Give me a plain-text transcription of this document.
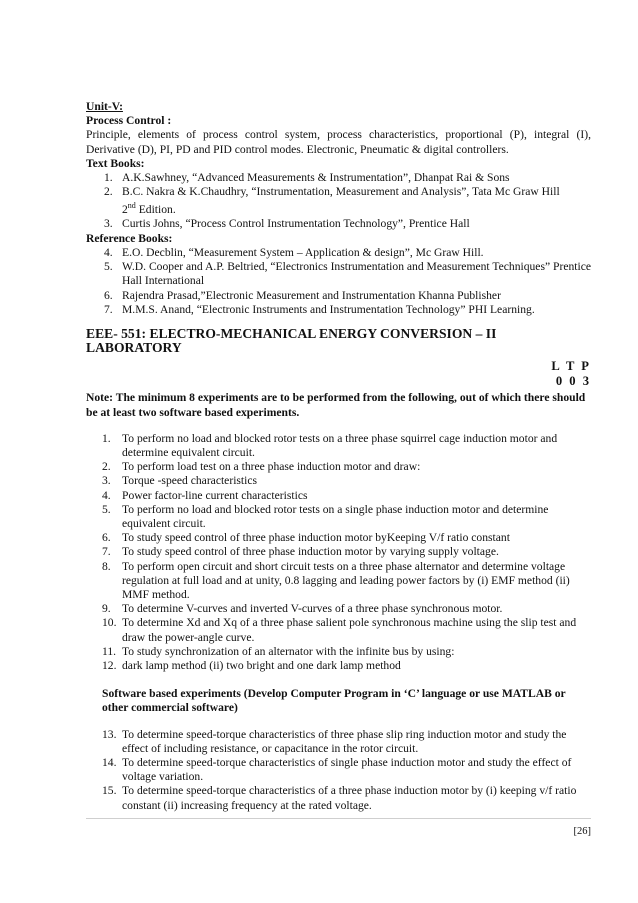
Unit-V:
Process Control :
Principle, elements of process control system, process characteristics, proportional (P), integral (I), Derivative (D), PI, PD and PID control modes. Electronic, Pneumatic & digital controllers.
Text Books:
1. A.K.Sawhney, “Advanced Measurements & Instrumentation”, Dhanpat Rai & Sons
2. B.C. Nakra & K.Chaudhry, “Instrumentation, Measurement and Analysis”, Tata Mc Graw Hill
2nd Edition.
3. Curtis Johns, “Process Control Instrumentation Technology”, Prentice Hall
Reference Books:
4. E.O. Decblin, “Measurement System – Application & design”, Mc Graw Hill.
5. W.D. Cooper and A.P. Beltried, “Electronics Instrumentation and Measurement Techniques” Prentice Hall International
6. Rajendra Prasad,”Electronic Measurement and Instrumentation Khanna Publisher
7. M.M.S. Anand, “Electronic Instruments and Instrumentation Technology” PHI Learning.
EEE- 551: ELECTRO-MECHANICAL ENERGY CONVERSION – II LABORATORY
L T P
0 0 3
Note: The minimum 8 experiments are to be performed from the following, out of which there should be at least two software based experiments.
1. To perform no load and blocked rotor tests on a three phase squirrel cage induction motor and determine equivalent circuit.
2. To perform load test on a three phase induction motor and draw:
3. Torque -speed characteristics
4. Power factor-line current characteristics
5. To perform no load and blocked rotor tests on a single phase induction motor and determine equivalent circuit.
6. To study speed control of three phase induction motor byKeeping V/f ratio constant
7. To study speed control of three phase induction motor by varying supply voltage.
8. To perform open circuit and short circuit tests on a three phase alternator and determine voltage regulation at full load and at unity, 0.8 lagging and leading power factors by (i) EMF method (ii) MMF method.
9. To determine V-curves and inverted V-curves of a three phase synchronous motor.
10. To determine Xd and Xq of a three phase salient pole synchronous machine using the slip test and draw the power-angle curve.
11. To study synchronization of an alternator with the infinite bus by using:
12. dark lamp method (ii) two bright and one dark lamp method
Software based experiments (Develop Computer Program in ‘C’ language or use MATLAB or other commercial software)
13. To determine speed-torque characteristics of three phase slip ring induction motor and study the effect of including resistance, or capacitance in the rotor circuit.
14. To determine speed-torque characteristics of single phase induction motor and study the effect of voltage variation.
15. To determine speed-torque characteristics of a three phase induction motor by (i) keeping v/f ratio constant (ii) increasing frequency at the rated voltage.
[26]
